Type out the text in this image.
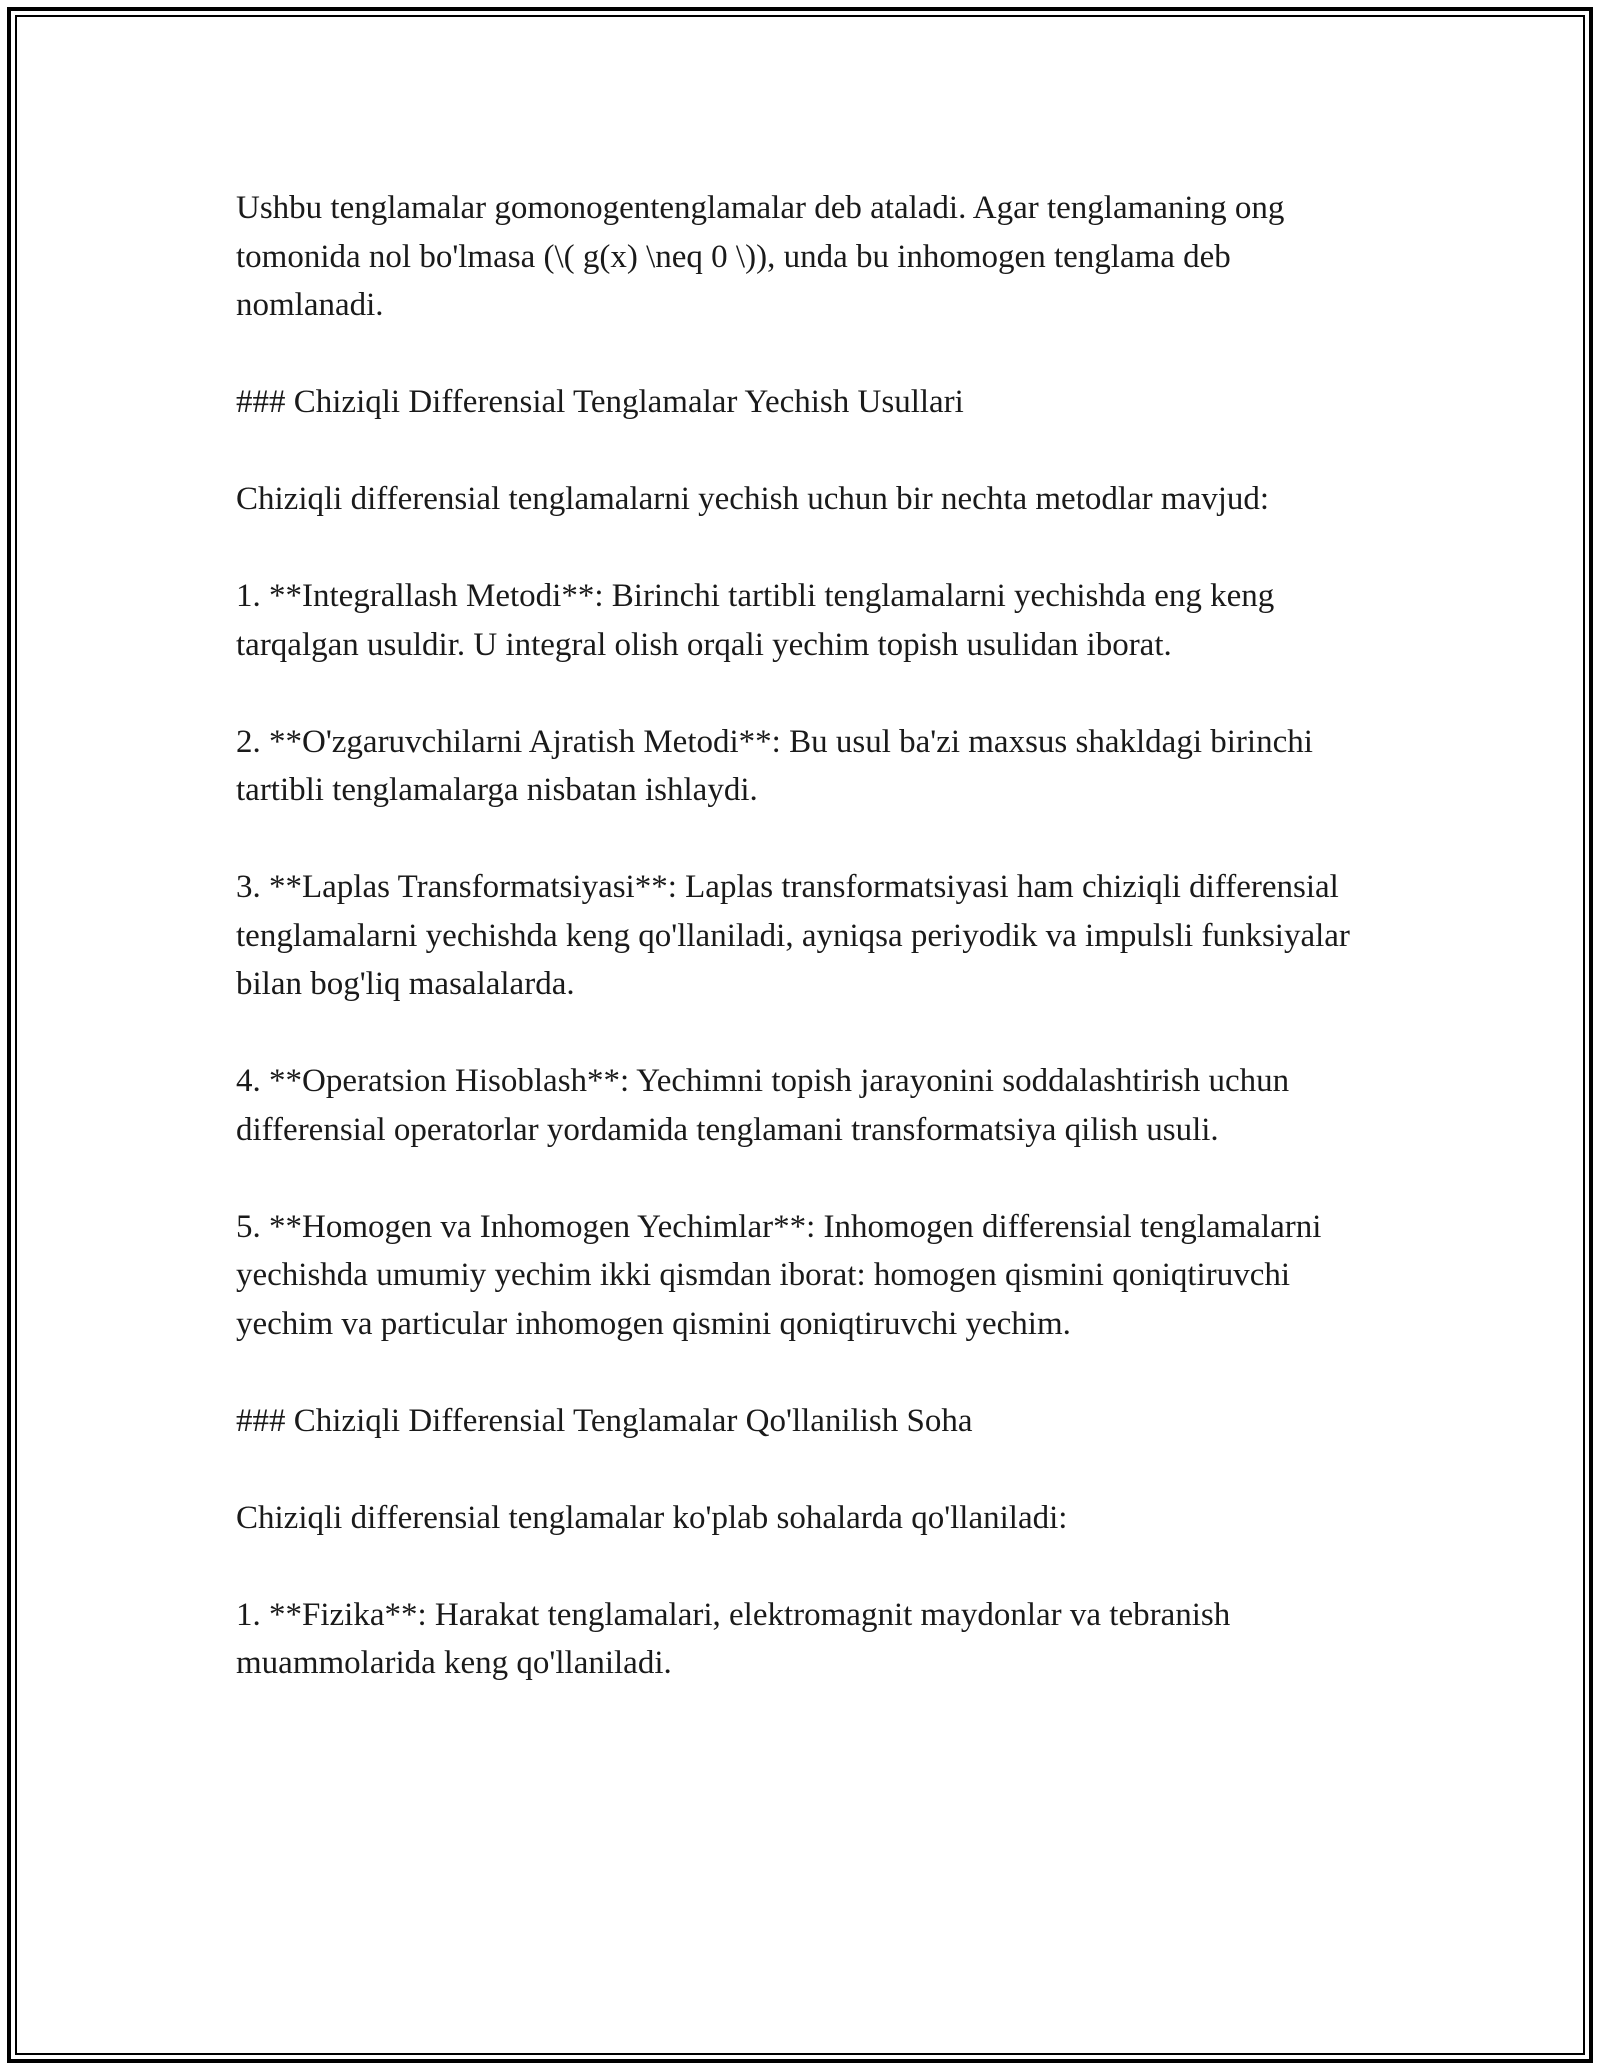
Ushbu tenglamalar gomonogentenglamalar deb ataladi. Agar tenglamaning ong tomonida nol bo'lmasa (\( g(x) \neq 0 \)), unda bu inhomogen tenglama deb nomlanadi.

### Chiziqli Differensial Tenglamalar Yechish Usullari

Chiziqli differensial tenglamalarni yechish uchun bir nechta metodlar mavjud:

1. **Integrallash Metodi**: Birinchi tartibli tenglamalarni yechishda eng keng tarqalgan usuldir. U integral olish orqali yechim topish usulidan iborat.

2. **O'zgaruvchilarni Ajratish Metodi**: Bu usul ba'zi maxsus shakldagi birinchi tartibli tenglamalarga nisbatan ishlaydi.

3. **Laplas Transformatsiyasi**: Laplas transformatsiyasi ham chiziqli differensial tenglamalarni yechishda keng qo'llaniladi, ayniqsa periyodik va impulsli funksiyalar bilan bog'liq masalalarda.

4. **Operatsion Hisoblash**: Yechimni topish jarayonini soddalashtirish uchun differensial operatorlar yordamida tenglamani transformatsiya qilish usuli.

5. **Homogen va Inhomogen Yechimlar**: Inhomogen differensial tenglamalarni yechishda umumiy yechim ikki qismdan iborat: homogen qismini qoniqtiruvchi yechim va particular inhomogen qismini qoniqtiruvchi yechim.

### Chiziqli Differensial Tenglamalar Qo'llanilish Soha

Chiziqli differensial tenglamalar ko'plab sohalarda qo'llaniladi:

1. **Fizika**: Harakat tenglamalari, elektromagnit maydonlar va tebranish muammolarida keng qo'llaniladi.
